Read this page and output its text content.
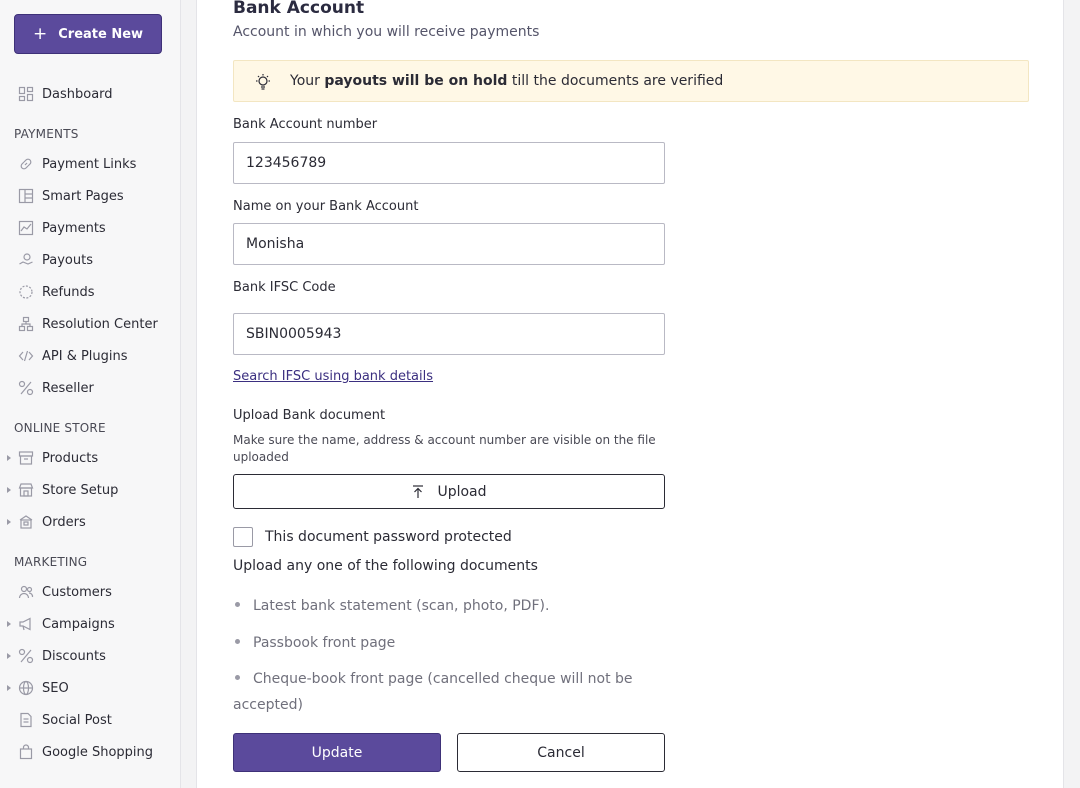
+ Create New
Dashboard
PAYMENTS
Payment Links
Smart Pages
Payments
Payouts
Refunds
Resolution Center
API & Plugins
Reseller
ONLINE STORE
Products
Store Setup
Orders
MARKETING
Customers
Campaigns
Discounts
SEO
Social Post
Google Shopping
Bank Account
Account in which you will receive payments
Your payouts will be on hold till the documents are verified
Bank Account number
123456789
Name on your Bank Account
Monisha
Bank IFSC Code
SBIN0005943
Search IFSC using bank details
Upload Bank document
Make sure the name, address & account number are visible on the file uploaded
Upload
This document password protected
Upload any one of the following documents
Latest bank statement (scan, photo, PDF).
Passbook front page
Cheque-book front page (cancelled cheque will not be accepted)
Update	Cancel
